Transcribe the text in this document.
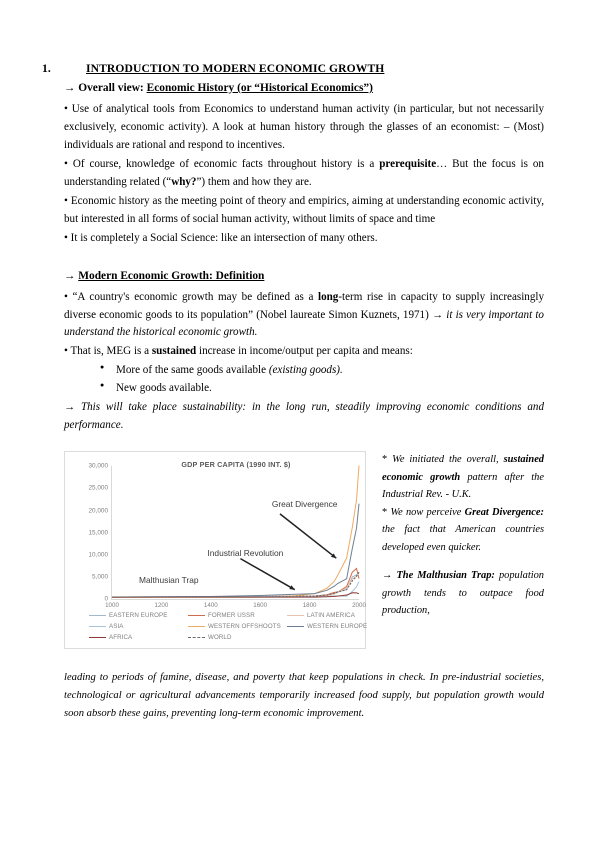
1.	INTRODUCTION TO MODERN ECONOMIC GROWTH
→ Overall view: Economic History (or “Historical Economics”)

• Use of analytical tools from Economics to understand human activity (in particular, but not necessarily exclusively, economic activity). A look at human history through the glasses of an economist: – (Most) individuals are rational and respond to incentives.

• Of course, knowledge of economic facts throughout history is a prerequisite… But the focus is on understanding related (“why?”) them and how they are.

• Economic history as the meeting point of theory and empirics, aiming at understanding economic activity, but interested in all forms of social human activity, without limits of space and time

• It is completely a Social Science: like an intersection of many others.

→ Modern Economic Growth: Definition

• “A country's economic growth may be defined as a long-term rise in capacity to supply increasingly diverse economic goods to its population” (Nobel laureate Simon Kuznets, 1971) → it is very important to understand the historical economic growth.

• That is, MEG is a sustained increase in income/output per capita and means:

● More of the same goods available (existing goods).
● New goods available.

→ This will take place sustainability: in the long run, steadily improving economic conditions and performance.

GDP PER CAPITA (1990 INT. $)
0
5,000
10,000
15,000
20,000
25,000
30,000
1000	1200	1400	1600	1800	2000
Great Divergence
Industrial Revolution
Malthusian Trap
EASTERN EUROPE	FORMER USSR	LATIN AMERICA
ASIA	WESTERN OFFSHOOTS	WESTERN EUROPE
AFRICA	WORLD

* We initiated the overall, sustained economic growth pattern after the Industrial Rev. - U.K.

* We now perceive Great Divergence: the fact that American countries developed even quicker.

→ The Malthusian Trap: population growth tends to outpace food production,

leading to periods of famine, disease, and poverty that keep populations in check. In pre-industrial societies, technological or agricultural advancements temporarily increased food supply, but population growth would soon absorb these gains, preventing long-term economic improvement.
